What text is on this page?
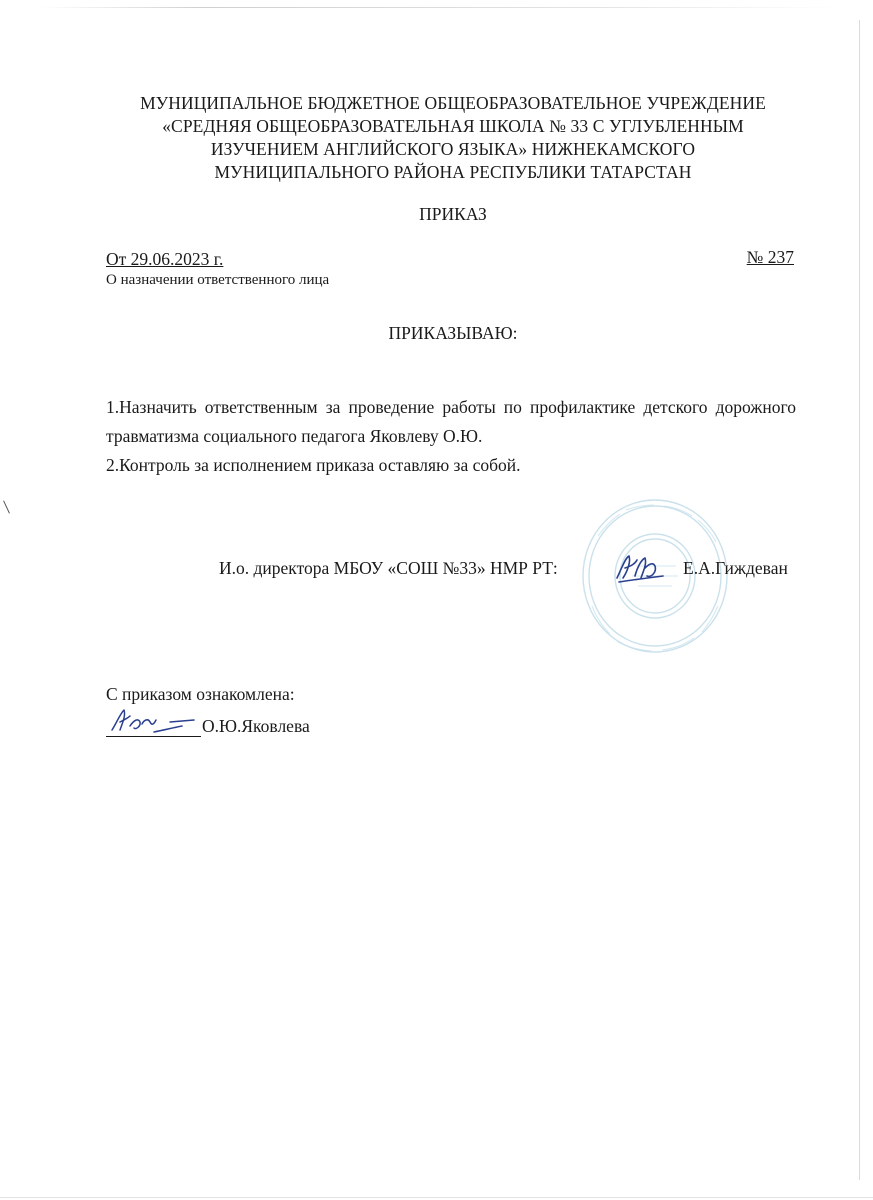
МУНИЦИПАЛЬНОЕ БЮДЖЕТНОЕ ОБЩЕОБРАЗОВАТЕЛЬНОЕ УЧРЕЖДЕНИЕ
«СРЕДНЯЯ ОБЩЕОБРАЗОВАТЕЛЬНАЯ ШКОЛА № 33 С УГЛУБЛЕННЫМ
ИЗУЧЕНИЕМ АНГЛИЙСКОГО ЯЗЫКА» НИЖНЕКАМСКОГО
МУНИЦИПАЛЬНОГО РАЙОНА РЕСПУБЛИКИ ТАТАРСТАН
ПРИКАЗ
От 29.06.2023 г.	№ 237
О назначении ответственного лица
ПРИКАЗЫВАЮ:

1.Назначить ответственным за проведение работы по профилактике детского дорожного травматизма социального педагога Яковлеву О.Ю.

2.Контроль за исполнением приказа оставляю за собой.

И.о. директора МБОУ «СОШ №33» НМР РТ:	Е.А.Гиждеван
С приказом ознакомлена:
О.Ю.Яковлева
